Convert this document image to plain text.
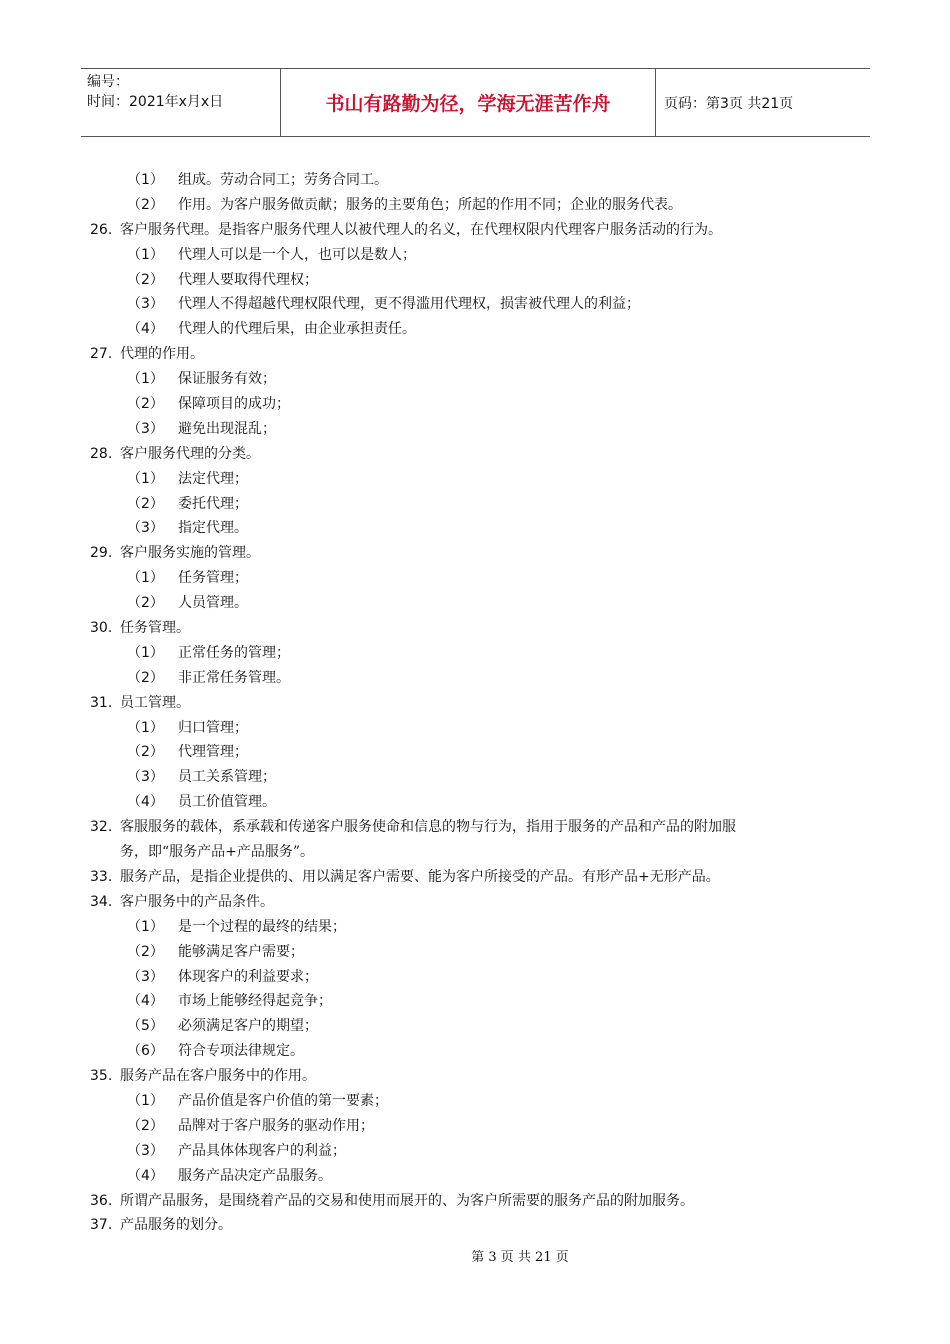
编号：
时间：2021年x月x日	书山有路勤为径，学海无涯苦作舟	页码：第3页 共21页
（1） 组成。劳动合同工；劳务合同工。
（2） 作用。为客户服务做贡献；服务的主要角色；所起的作用不同；企业的服务代表。
26. 客户服务代理。是指客户服务代理人以被代理人的名义，在代理权限内代理客户服务活动的行为。
（1） 代理人可以是一个人，也可以是数人；
（2） 代理人要取得代理权；
（3） 代理人不得超越代理权限代理，更不得滥用代理权，损害被代理人的利益；
（4） 代理人的代理后果，由企业承担责任。
27. 代理的作用。
（1） 保证服务有效；
（2） 保障项目的成功；
（3） 避免出现混乱；
28. 客户服务代理的分类。
（1） 法定代理；
（2） 委托代理；
（3） 指定代理。
29. 客户服务实施的管理。
（1） 任务管理；
（2） 人员管理。
30. 任务管理。
（1） 正常任务的管理；
（2） 非正常任务管理。
31. 员工管理。
（1） 归口管理；
（2） 代理管理；
（3） 员工关系管理；
（4） 员工价值管理。
32. 客服服务的载体，系承载和传递客户服务使命和信息的物与行为，指用于服务的产品和产品的附加服
务，即“服务产品+产品服务”。
33. 服务产品，是指企业提供的、用以满足客户需要、能为客户所接受的产品。有形产品+无形产品。
34. 客户服务中的产品条件。
（1） 是一个过程的最终的结果；
（2） 能够满足客户需要；
（3） 体现客户的利益要求；
（4） 市场上能够经得起竞争；
（5） 必须满足客户的期望；
（6） 符合专项法律规定。
35. 服务产品在客户服务中的作用。
（1） 产品价值是客户价值的第一要素；
（2） 品牌对于客户服务的驱动作用；
（3） 产品具体体现客户的利益；
（4） 服务产品决定产品服务。
36. 所谓产品服务，是围绕着产品的交易和使用而展开的、为客户所需要的服务产品的附加服务。
37. 产品服务的划分。
第 3 页 共 21 页
